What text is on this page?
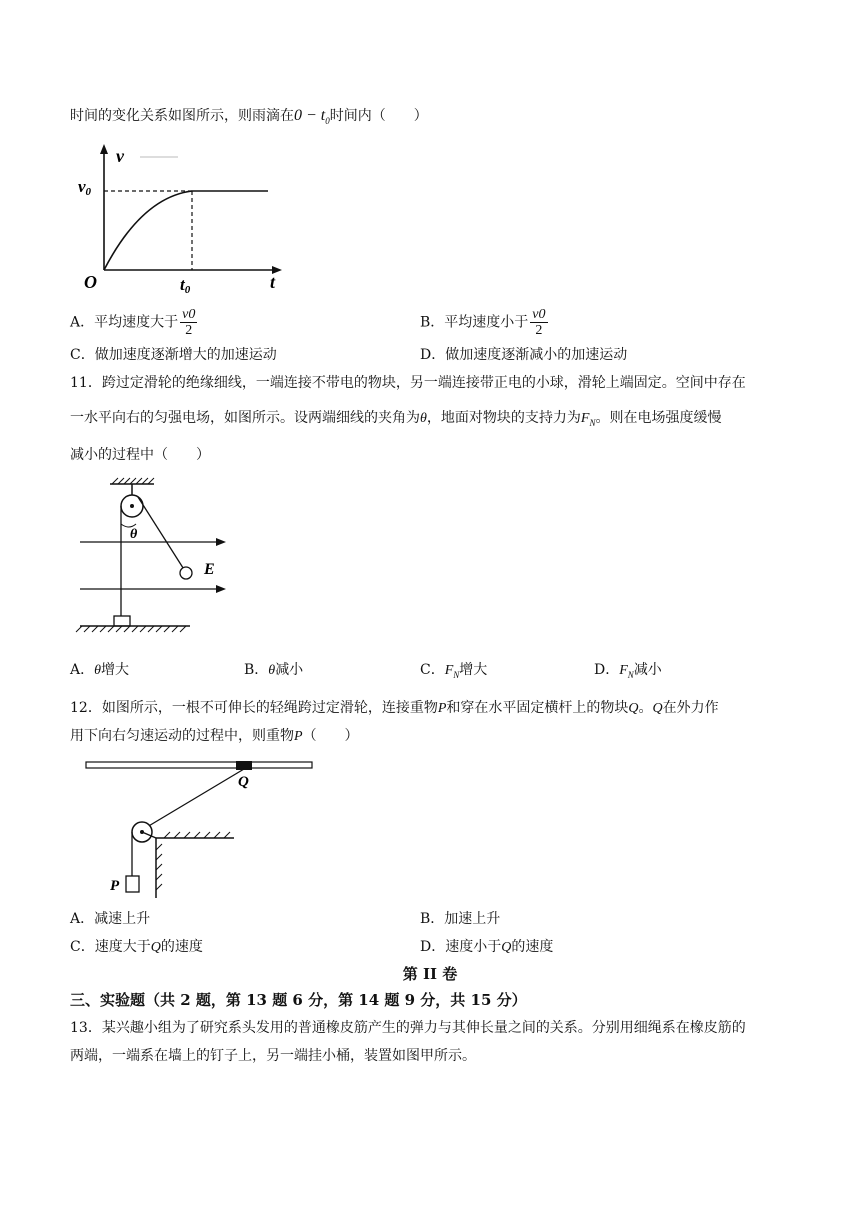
时间的变化关系如图所示，则雨滴在$0 - t_0$时间内（　　）
v
v0
O	t0	t
A．平均速度大于 $\frac{v0}{2}$	B．平均速度小于 $\frac{v0}{2}$
C．做加速度逐渐增大的加速运动	D．做加速度逐渐减小的加速运动
11．跨过定滑轮的绝缘细线，一端连接不带电的物块，另一端连接带正电的小球，滑轮上端固定。空间中存在
一水平向右的匀强电场，如图所示。设两端细线的夹角为θ，地面对物块的支持力为$F_N$。则在电场强度缓慢
减小的过程中（　　）
θ
E
A．θ增大	B．θ减小	C．$F_N$增大	D．$F_N$减小
12．如图所示，一根不可伸长的轻绳跨过定滑轮，连接重物P和穿在水平固定横杆上的物块Q。Q在外力作
用下向右匀速运动的过程中，则重物P（　　）
Q
P
A．减速上升	B．加速上升
C．速度大于Q的速度	D．速度小于Q的速度
第 II 卷
三、实验题（共 2 题，第 13 题 6 分，第 14 题 9 分，共 15 分）
13．某兴趣小组为了研究系头发用的普通橡皮筋产生的弹力与其伸长量之间的关系。分别用细绳系在橡皮筋的
两端，一端系在墙上的钉子上，另一端挂小桶，装置如图甲所示。
